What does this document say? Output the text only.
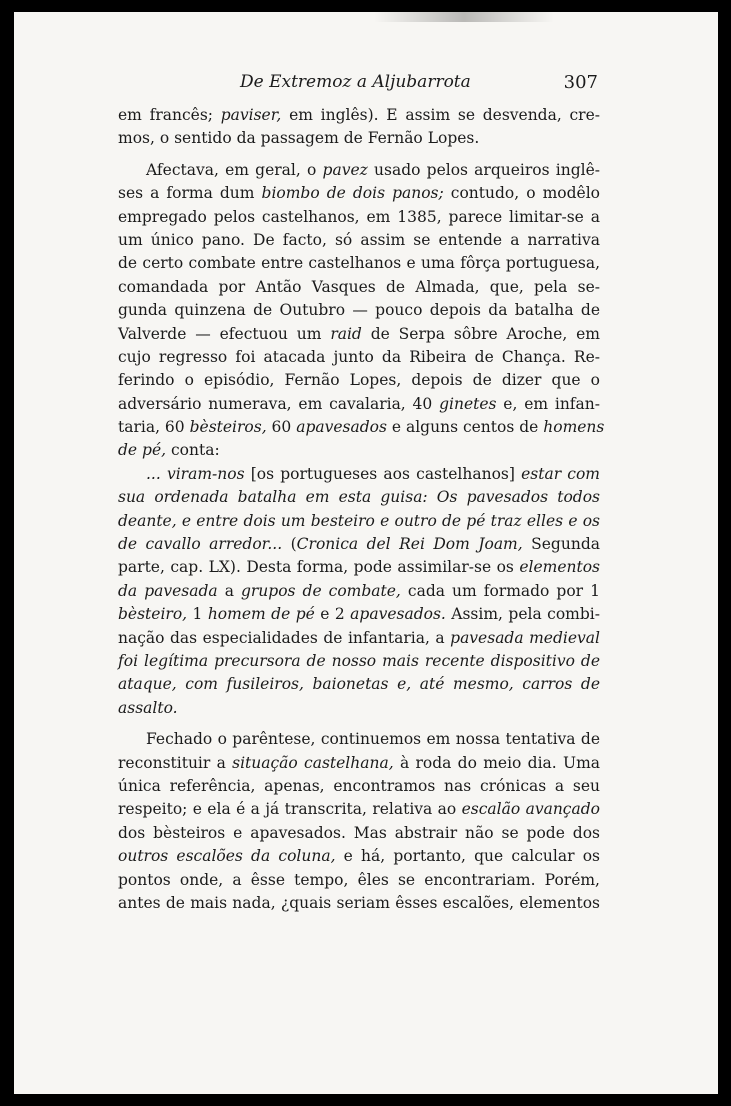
De Extremoz a Aljubarrota	307
em francês; paviser, em inglês). E assim se desvenda, cre-
mos, o sentido da passagem de Fernão Lopes.
Afectava, em geral, o pavez usado pelos arqueiros inglê-
ses a forma dum biombo de dois panos; contudo, o modêlo
empregado pelos castelhanos, em 1385, parece limitar-se a
um único pano. De facto, só assim se entende a narrativa
de certo combate entre castelhanos e uma fôrça portuguesa,
comandada por Antão Vasques de Almada, que, pela se-
gunda quinzena de Outubro — pouco depois da batalha de
Valverde — efectuou um raid de Serpa sôbre Aroche, em
cujo regresso foi atacada junto da Ribeira de Chança. Re-
ferindo o episódio, Fernão Lopes, depois de dizer que o
adversário numerava, em cavalaria, 40 ginetes e, em infan-
taria, 60 bèsteiros, 60 apavesados e alguns centos de homens
de pé, conta:
... viram-nos [os portugueses aos castelhanos] estar com
sua ordenada batalha em esta guisa: Os pavesados todos
deante, e entre dois um besteiro e outro de pé traz elles e os
de cavallo arredor... (Cronica del Rei Dom Joam, Segunda
parte, cap. LX). Desta forma, pode assimilar-se os elementos
da pavesada a grupos de combate, cada um formado por 1
bèsteiro, 1 homem de pé e 2 apavesados. Assim, pela combi-
nação das especialidades de infantaria, a pavesada medieval
foi legítima precursora de nosso mais recente dispositivo de
ataque, com fusileiros, baionetas e, até mesmo, carros de
assalto.
Fechado o parêntese, continuemos em nossa tentativa de
reconstituir a situação castelhana, à roda do meio dia. Uma
única referência, apenas, encontramos nas crónicas a seu
respeito; e ela é a já transcrita, relativa ao escalão avançado
dos bèsteiros e apavesados. Mas abstrair não se pode dos
outros escalões da coluna, e há, portanto, que calcular os
pontos onde, a êsse tempo, êles se encontrariam. Porém,
antes de mais nada, ¿quais seriam êsses escalões, elementos
